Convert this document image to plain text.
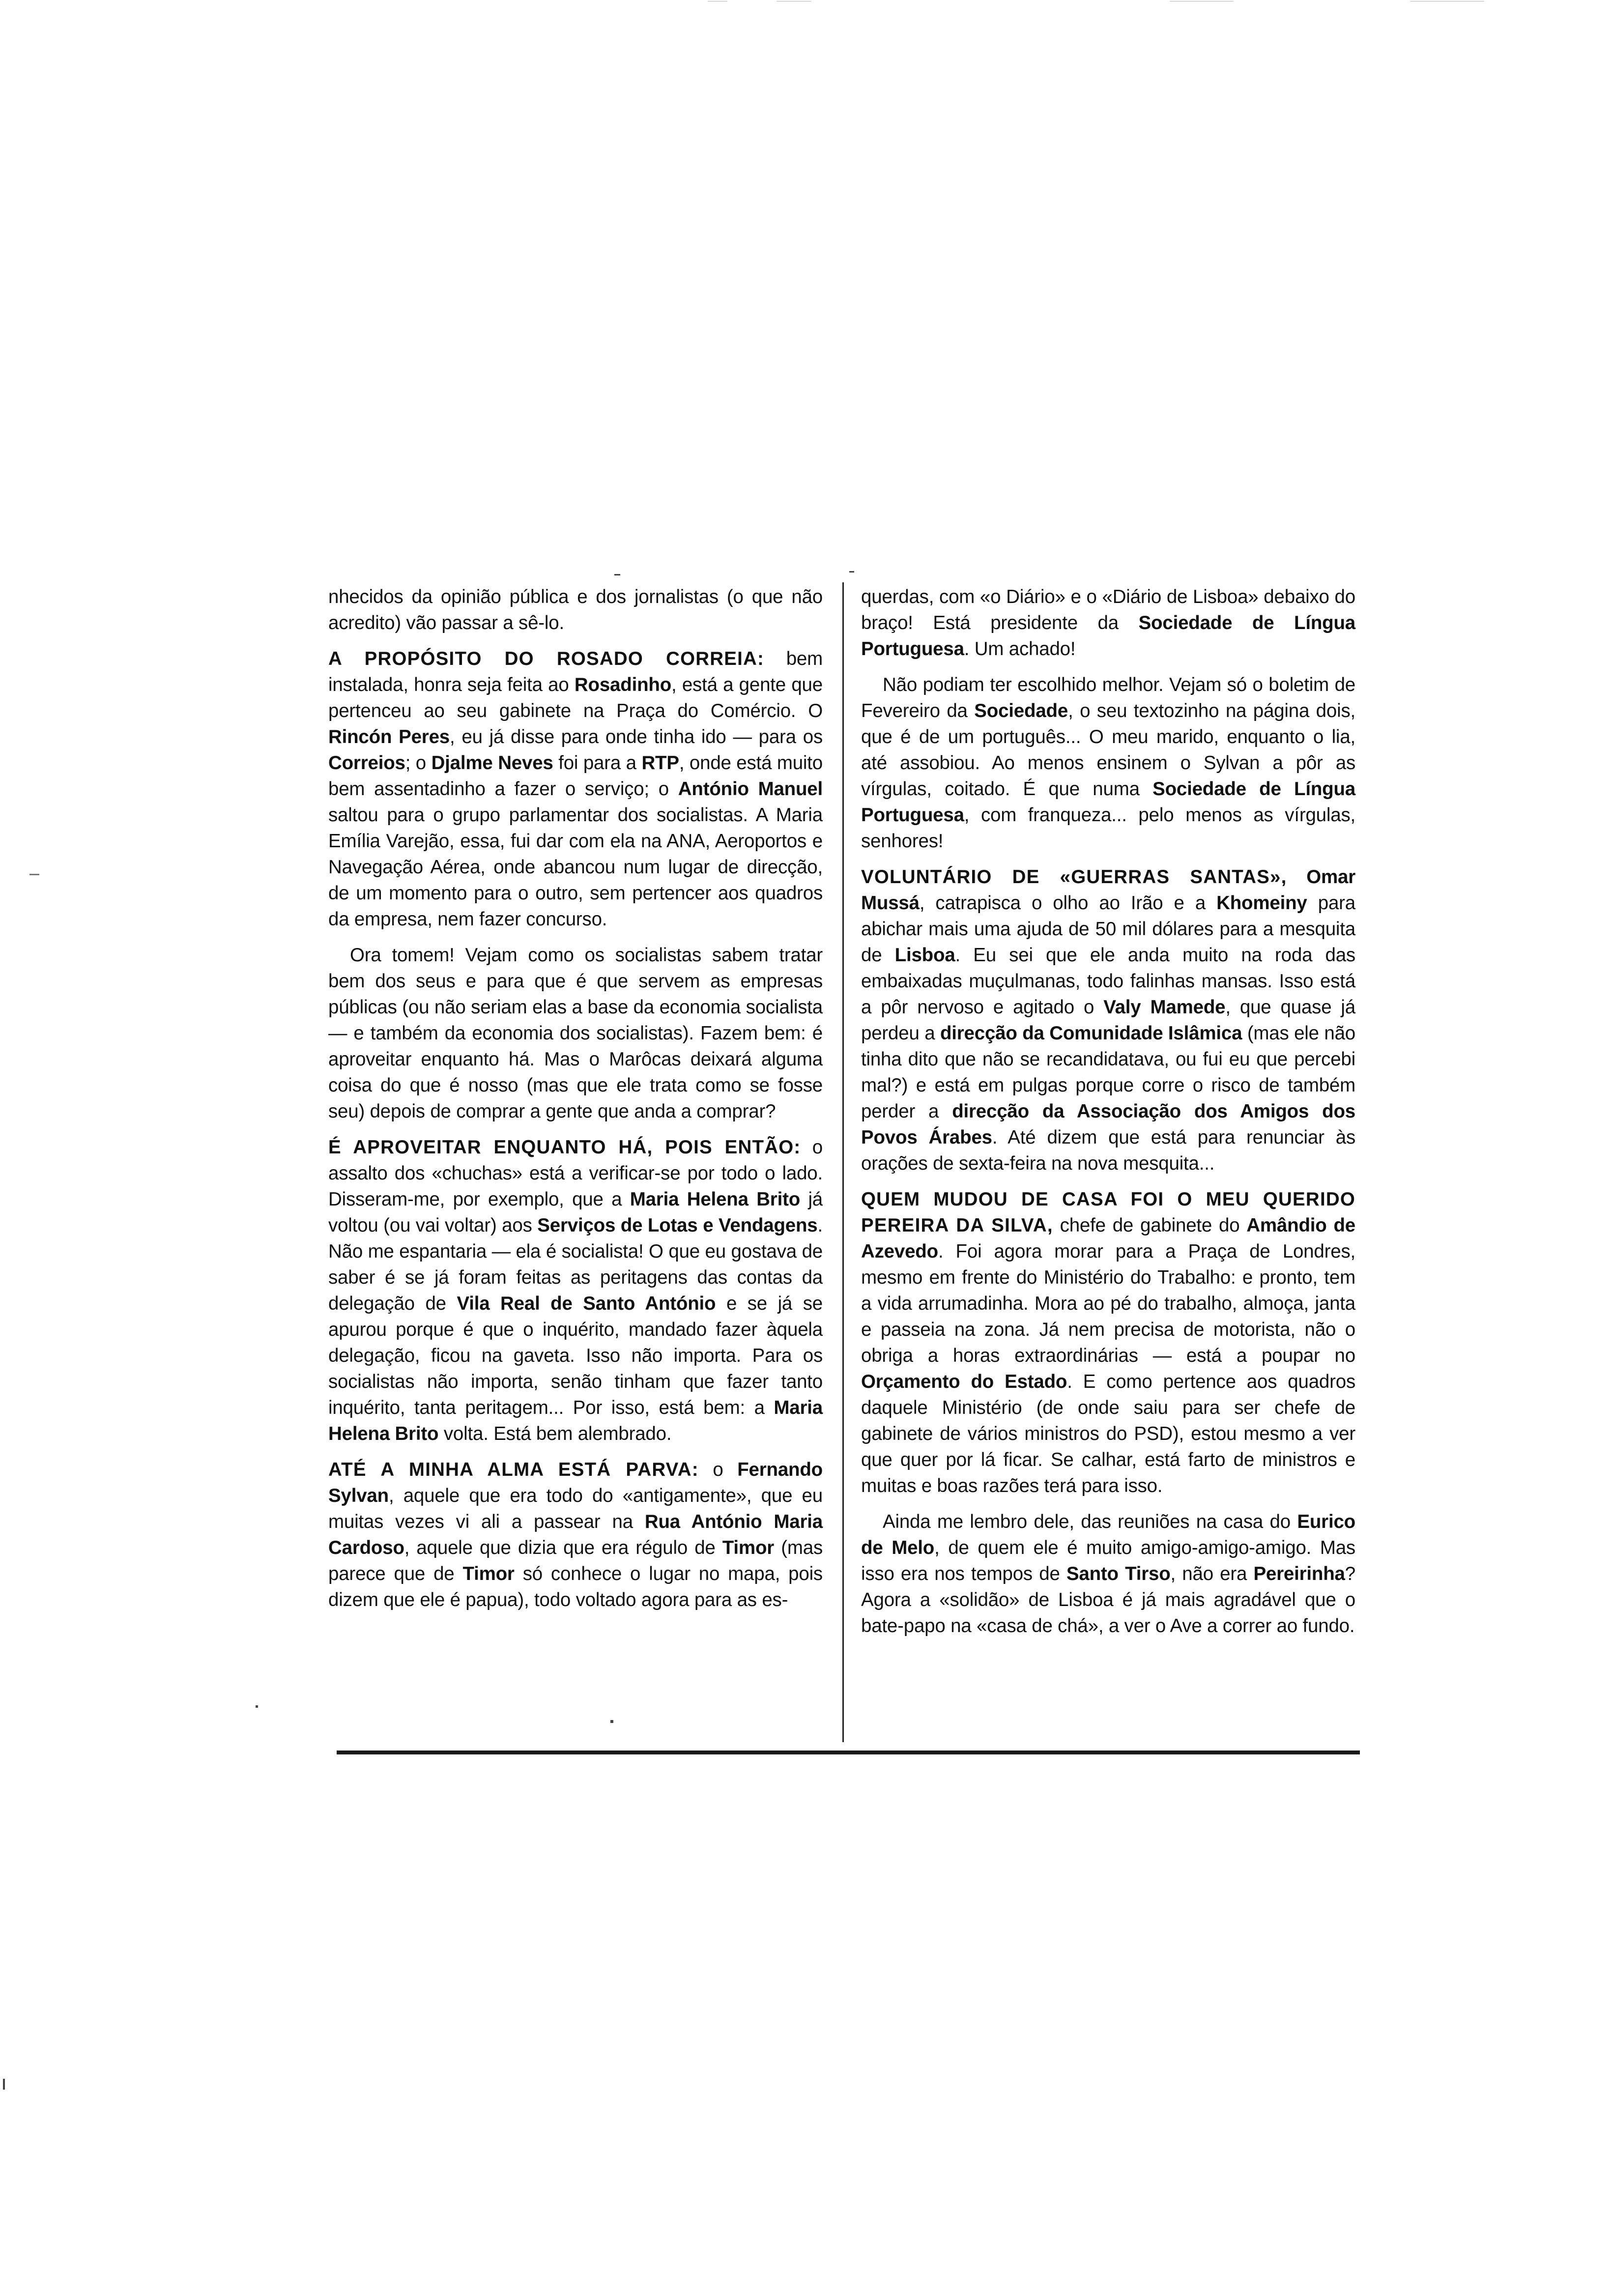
nhecidos da opinião pública e dos jornalistas (o que não acredito) vão passar a sê-lo.

A PROPÓSITO DO ROSADO CORREIA: bem instalada, honra seja feita ao Rosadinho, está a gente que pertenceu ao seu gabinete na Praça do Comércio. O Rincón Peres, eu já disse para onde tinha ido — para os Correios; o Djalme Neves foi para a RTP, onde está muito bem assentadinho a fazer o serviço; o António Manuel saltou para o grupo parlamentar dos socialistas. A Maria Emília Varejão, essa, fui dar com ela na ANA, Aeroportos e Navegação Aérea, onde abancou num lugar de direcção, de um momento para o outro, sem pertencer aos quadros da empresa, nem fazer concurso.

Ora tomem! Vejam como os socialistas sabem tratar bem dos seus e para que é que servem as empresas públicas (ou não seriam elas a base da economia socialista — e também da economia dos socialistas). Fazem bem: é aproveitar enquanto há. Mas o Marôcas deixará alguma coisa do que é nosso (mas que ele trata como se fosse seu) depois de comprar a gente que anda a comprar?

É APROVEITAR ENQUANTO HÁ, POIS ENTÃO: o assalto dos «chuchas» está a verificar-se por todo o lado. Disseram-me, por exemplo, que a Maria Helena Brito já voltou (ou vai voltar) aos Serviços de Lotas e Vendagens. Não me espantaria — ela é socialista! O que eu gostava de saber é se já foram feitas as peritagens das contas da delegação de Vila Real de Santo António e se já se apurou porque é que o inquérito, mandado fazer àquela delegação, ficou na gaveta. Isso não importa. Para os socialistas não importa, senão tinham que fazer tanto inquérito, tanta peritagem... Por isso, está bem: a Maria Helena Brito volta. Está bem alembrado.

ATÉ A MINHA ALMA ESTÁ PARVA: o Fernando Sylvan, aquele que era todo do «antigamente», que eu muitas vezes vi ali a passear na Rua António Maria Cardoso, aquele que dizia que era régulo de Timor (mas parece que de Timor só conhece o lugar no mapa, pois dizem que ele é papua), todo voltado agora para as es-

querdas, com «o Diário» e o «Diário de Lisboa» debaixo do braço! Está presidente da Sociedade de Língua Portuguesa. Um achado!

Não podiam ter escolhido melhor. Vejam só o boletim de Fevereiro da Sociedade, o seu textozinho na página dois, que é de um português... O meu marido, enquanto o lia, até assobiou. Ao menos ensinem o Sylvan a pôr as vírgulas, coitado. É que numa Sociedade de Língua Portuguesa, com franqueza... pelo menos as vírgulas, senhores!

VOLUNTÁRIO DE «GUERRAS SANTAS», Omar Mussá, catrapisca o olho ao Irão e a Khomeiny para abichar mais uma ajuda de 50 mil dólares para a mesquita de Lisboa. Eu sei que ele anda muito na roda das embaixadas muçulmanas, todo falinhas mansas. Isso está a pôr nervoso e agitado o Valy Mamede, que quase já perdeu a direcção da Comunidade Islâmica (mas ele não tinha dito que não se recandidatava, ou fui eu que percebi mal?) e está em pulgas porque corre o risco de também perder a direcção da Associação dos Amigos dos Povos Árabes. Até dizem que está para renunciar às orações de sexta-feira na nova mesquita...

QUEM MUDOU DE CASA FOI O MEU QUERIDO PEREIRA DA SILVA, chefe de gabinete do Amândio de Azevedo. Foi agora morar para a Praça de Londres, mesmo em frente do Ministério do Trabalho: e pronto, tem a vida arrumadinha. Mora ao pé do trabalho, almoça, janta e passeia na zona. Já nem precisa de motorista, não o obriga a horas extraordinárias — está a poupar no Orçamento do Estado. E como pertence aos quadros daquele Ministério (de onde saiu para ser chefe de gabinete de vários ministros do PSD), estou mesmo a ver que quer por lá ficar. Se calhar, está farto de ministros e muitas e boas razões terá para isso.

Ainda me lembro dele, das reuniões na casa do Eurico de Melo, de quem ele é muito amigo-amigo-amigo. Mas isso era nos tempos de Santo Tirso, não era Pereirinha? Agora a «solidão» de Lisboa é já mais agradável que o bate-papo na «casa de chá», a ver o Ave a correr ao fundo.
